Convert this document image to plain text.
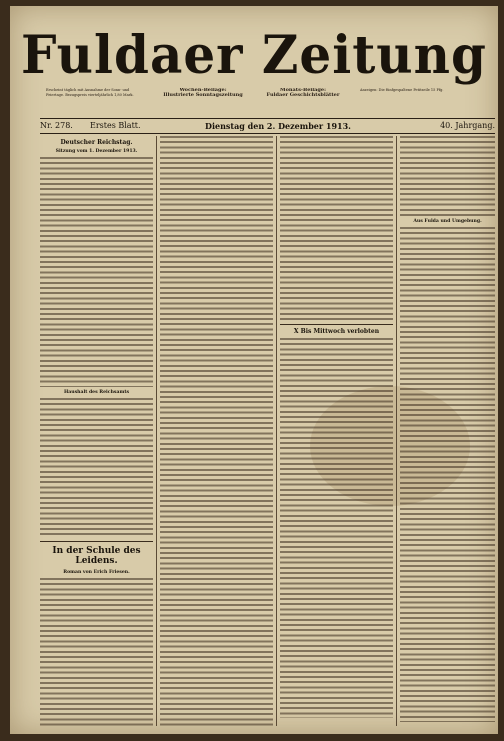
Fuldaer Zeitung
Erscheint täglich mit Ausnahme der Sonn- und Feiertage. Bezugspreis vierteljährlich 1,80 Mark.
Wochen-Beilage:
Illustrierte Sonntagszeitung
Monats-Beilage:
Fuldaer Geschichtsblätter
Anzeigen: Die fünfgespaltene Petitzeile 15 Pfg.
Nr. 278. Erstes Blatt.	Dienstag den 2. Dezember 1913.	40. Jahrgang.
Deutscher Reichstag.
Sitzung vom 1. Dezember 1913.
Haushalt des Reichsamts
In der Schule des Leidens.
Roman von Erich Friesen.
X Bis Mittwoch verlobten
Aus Fulda und Umgebung.
